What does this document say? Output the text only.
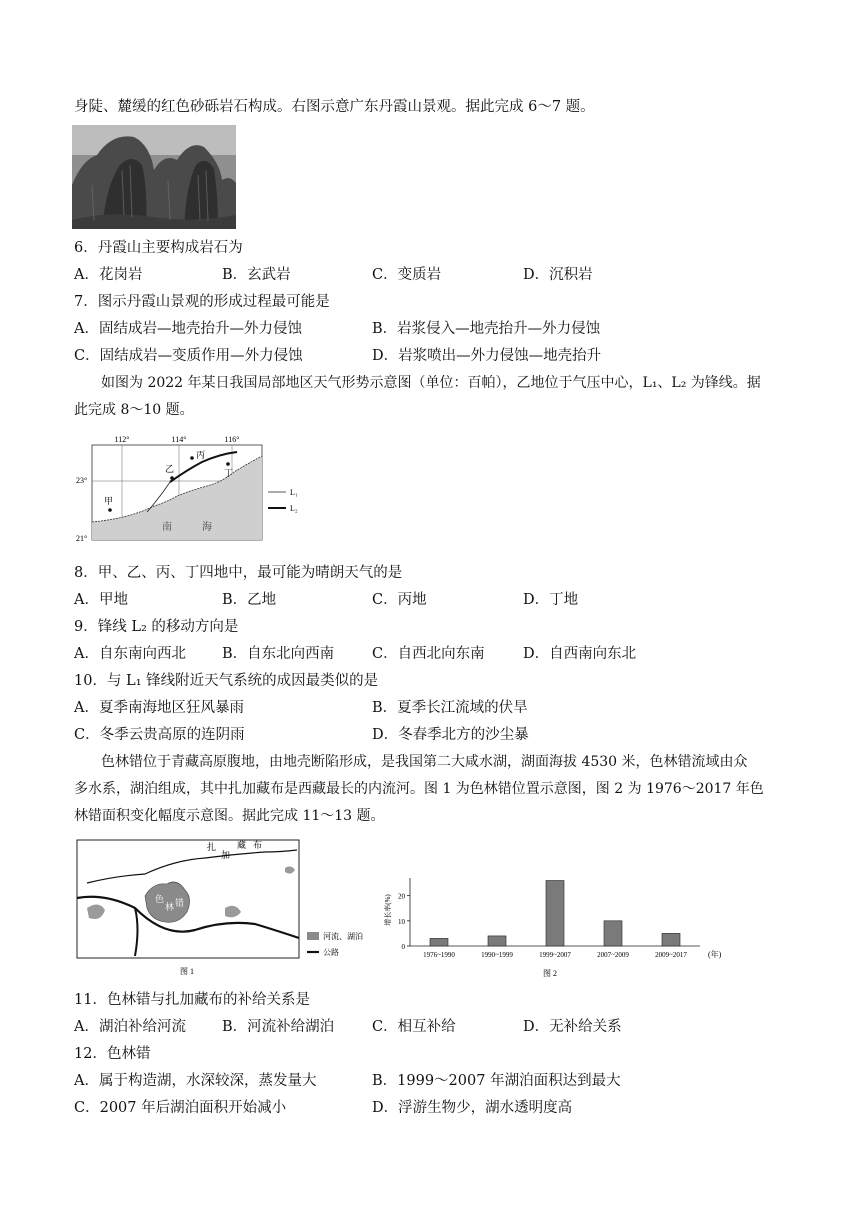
身陡、麓缓的红色砂砾岩石构成。右图示意广东丹霞山景观。据此完成 6～7 题。
6．丹霞山主要构成岩石为
A．花岗岩	B．玄武岩	C．变质岩	D．沉积岩
7．图示丹霞山景观的形成过程最可能是
A．固结成岩—地壳抬升—外力侵蚀	B．岩浆侵入—地壳抬升—外力侵蚀
C．固结成岩—变质作用—外力侵蚀	D．岩浆喷出—外力侵蚀—地壳抬升
如图为 2022 年某日我国局部地区天气形势示意图（单位：百帕），乙地位于气压中心，L₁、L₂ 为锋线。据
此完成 8～10 题。
112°	114°	116°
23°
21°
甲
乙
丙
丁
南	海
L₁
L₂
8．甲、乙、丙、丁四地中，最可能为晴朗天气的是
A．甲地	B．乙地	C．丙地	D．丁地
9．锋线 L₂ 的移动方向是
A．自东南向西北 B．自东北向西南	C．自西北向东南	D．自西南向东北
10．与 L₁ 锋线附近天气系统的成因最类似的是
A．夏季南海地区狂风暴雨	B．夏季长江流域的伏旱
C．冬季云贵高原的连阴雨	D．冬春季北方的沙尘暴
色林错位于青藏高原腹地，由地壳断陷形成，是我国第二大咸水湖，湖面海拔 4530 米，色林错流域由众
多水系，湖泊组成，其中扎加藏布是西藏最长的内流河。图 1 为色林错位置示意图，图 2 为 1976～2017 年色
林错面积变化幅度示意图。据此完成 11～13 题。
扎
加
藏 布
色
林 错
河流、湖泊
公路
图 1
增长率(%)
(年)
图 2
0
10
20
1976~1990	1990~1999	1999~2007	2007~2009	2009~2017
11．色林错与扎加藏布的补给关系是
A．湖泊补给河流 B．河流补给湖泊	C．相互补给	D．无补给关系
12．色林错
A．属于构造湖，水深较深，蒸发量大	B．1999～2007 年湖泊面积达到最大
C．2007 年后湖泊面积开始减小	D．浮游生物少，湖水透明度高
